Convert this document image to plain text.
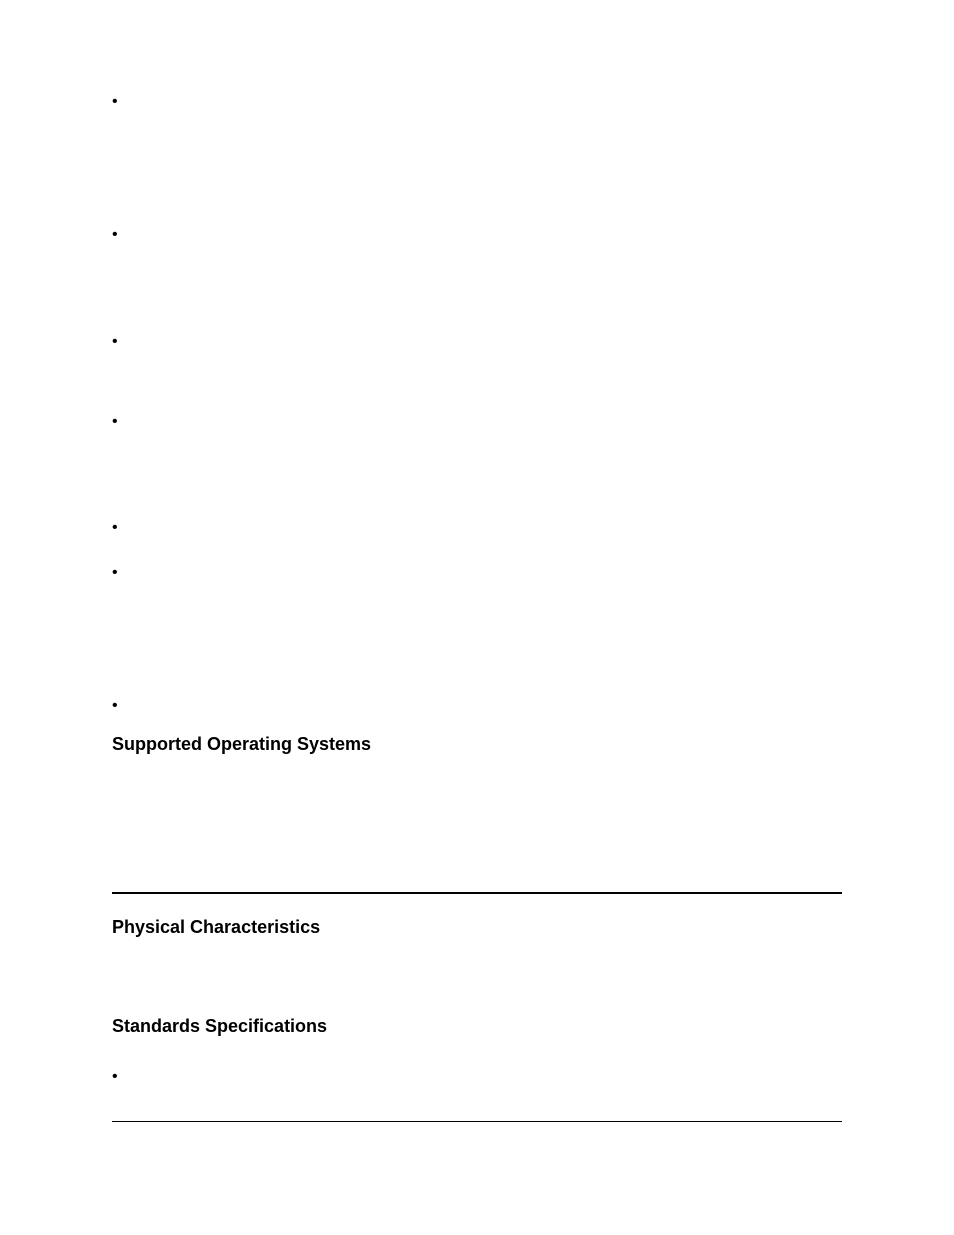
•
•
•
•
•
•
•
Supported Operating Systems
Physical Characteristics
Standards Specifications
•
